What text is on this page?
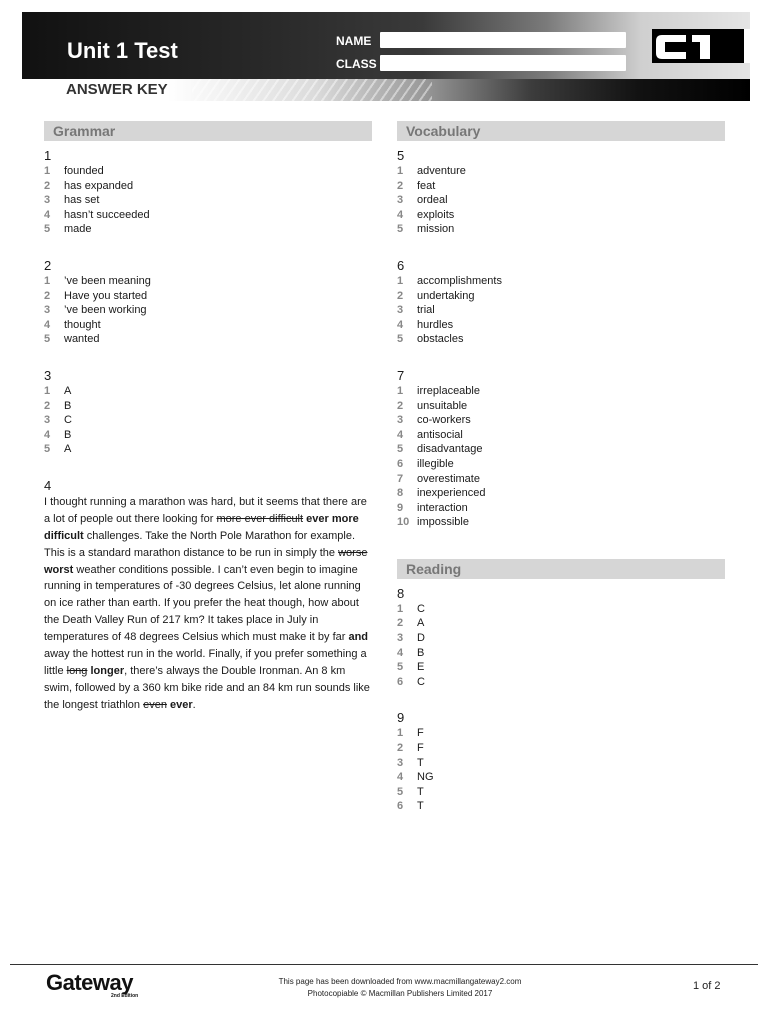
Unit 1 Test	NAME
CLASS
ANSWER KEY
Grammar
1
1	founded
2	has expanded
3	has set
4	hasn’t succeeded
5	made
2
1	’ve been meaning
2	Have you started
3	’ve been working
4	thought
5	wanted
3
1	A
2	B
3	C
4	B
5	A
4
I thought running a marathon was hard, but it seems that there are a lot of people out there looking for more ever difficult ever more difficult challenges. Take the North Pole Marathon for example. This is a standard marathon distance to be run in simply the worse worst weather conditions possible. I can’t even begin to imagine running in temperatures of -30 degrees Celsius, let alone running on ice rather than earth. If you prefer the heat though, how about the Death Valley Run of 217 km? It takes place in July in temperatures of 48 degrees Celsius which must make it by far and away the hottest run in the world. Finally, if you prefer something a little long longer, there’s always the Double Ironman. An 8 km swim, followed by a 360 km bike ride and an 84 km run sounds like the longest triathlon even ever.
Vocabulary
5
1	adventure
2	feat
3	ordeal
4	exploits
5	mission
6
1	accomplishments
2	undertaking
3	trial
4	hurdles
5	obstacles
7
1	irreplaceable
2	unsuitable
3	co-workers
4	antisocial
5	disadvantage
6	illegible
7	overestimate
8	inexperienced
9	interaction
10 impossible
Reading
8
1	C
2	A
3	D
4	B
5	E
6	C
9
1	F
2	F
3	T
4	NG
5	T
6	T
Gateway
2nd Edition
This page has been downloaded from www.macmillangateway2.com
Photocopiable © Macmillan Publishers Limited 2017
1 of 2
